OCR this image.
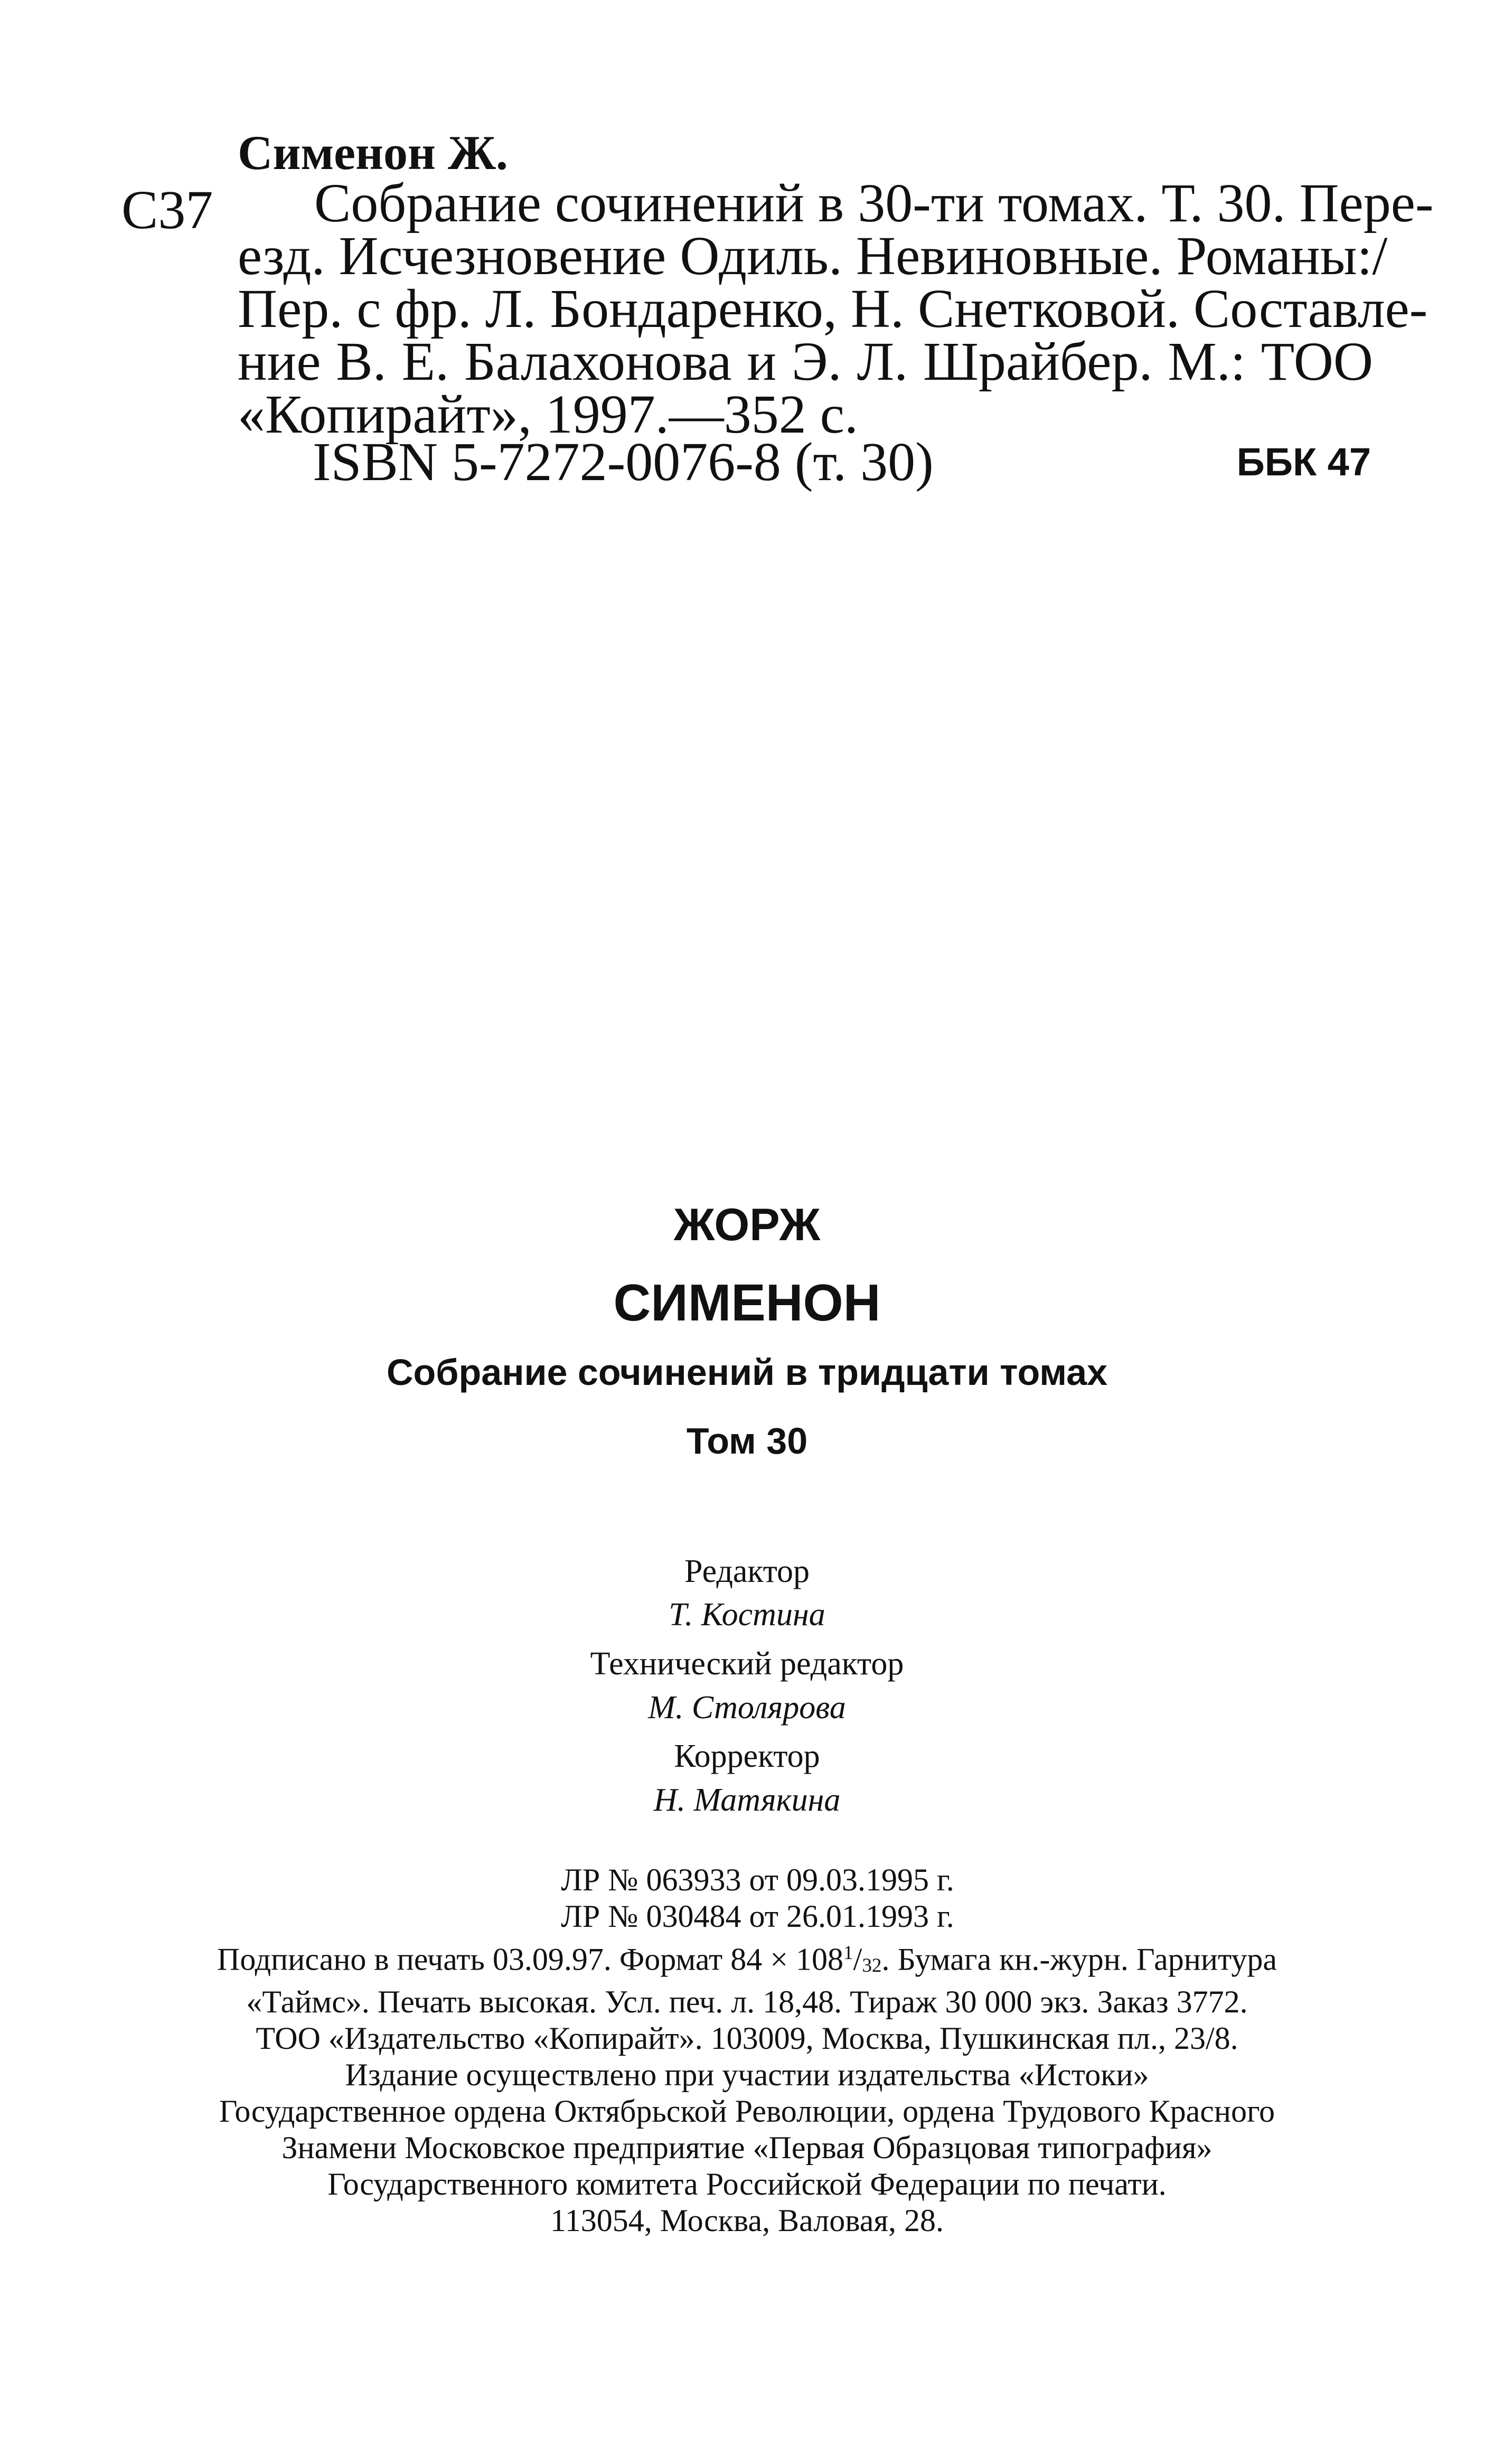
Сименон Ж.
С37	Собрание сочинений в 30-ти томах. Т. 30. Пере-
езд. Исчезновение Одиль. Невиновные. Романы:/
Пер. с фр. Л. Бондаренко, Н. Снетковой. Составле-
ние В. Е. Балахонова и Э. Л. Шрайбер. М.: ТОО
«Копирайт», 1997.—352 с.
ISBN 5-7272-0076-8 (т. 30)	ББК 47
ЖОРЖ
СИМЕНОН
Собрание сочинений в тридцати томах
Том 30
Редактор
Т. Костина
Технический редактор
М. Столярова
Корректор
Н. Матякина
ЛР № 063933 от 09.03.1995 г.
ЛР № 030484 от 26.01.1993 г.
Подписано в печать 03.09.97. Формат $84 \times 108^1/_{32}$. Бумага кн.-журн. Гарнитура
«Таймс». Печать высокая. Усл. печ. л. 18,48. Тираж 30 000 экз. Заказ 3772.
ТОО «Издательство «Копирайт». 103009, Москва, Пушкинская пл., 23/8.
Издание осуществлено при участии издательства «Истоки»
Государственное ордена Октябрьской Революции, ордена Трудового Красного
Знамени Московское предприятие «Первая Образцовая типография»
Государственного комитета Российской Федерации по печати.
113054, Москва, Валовая, 28.
